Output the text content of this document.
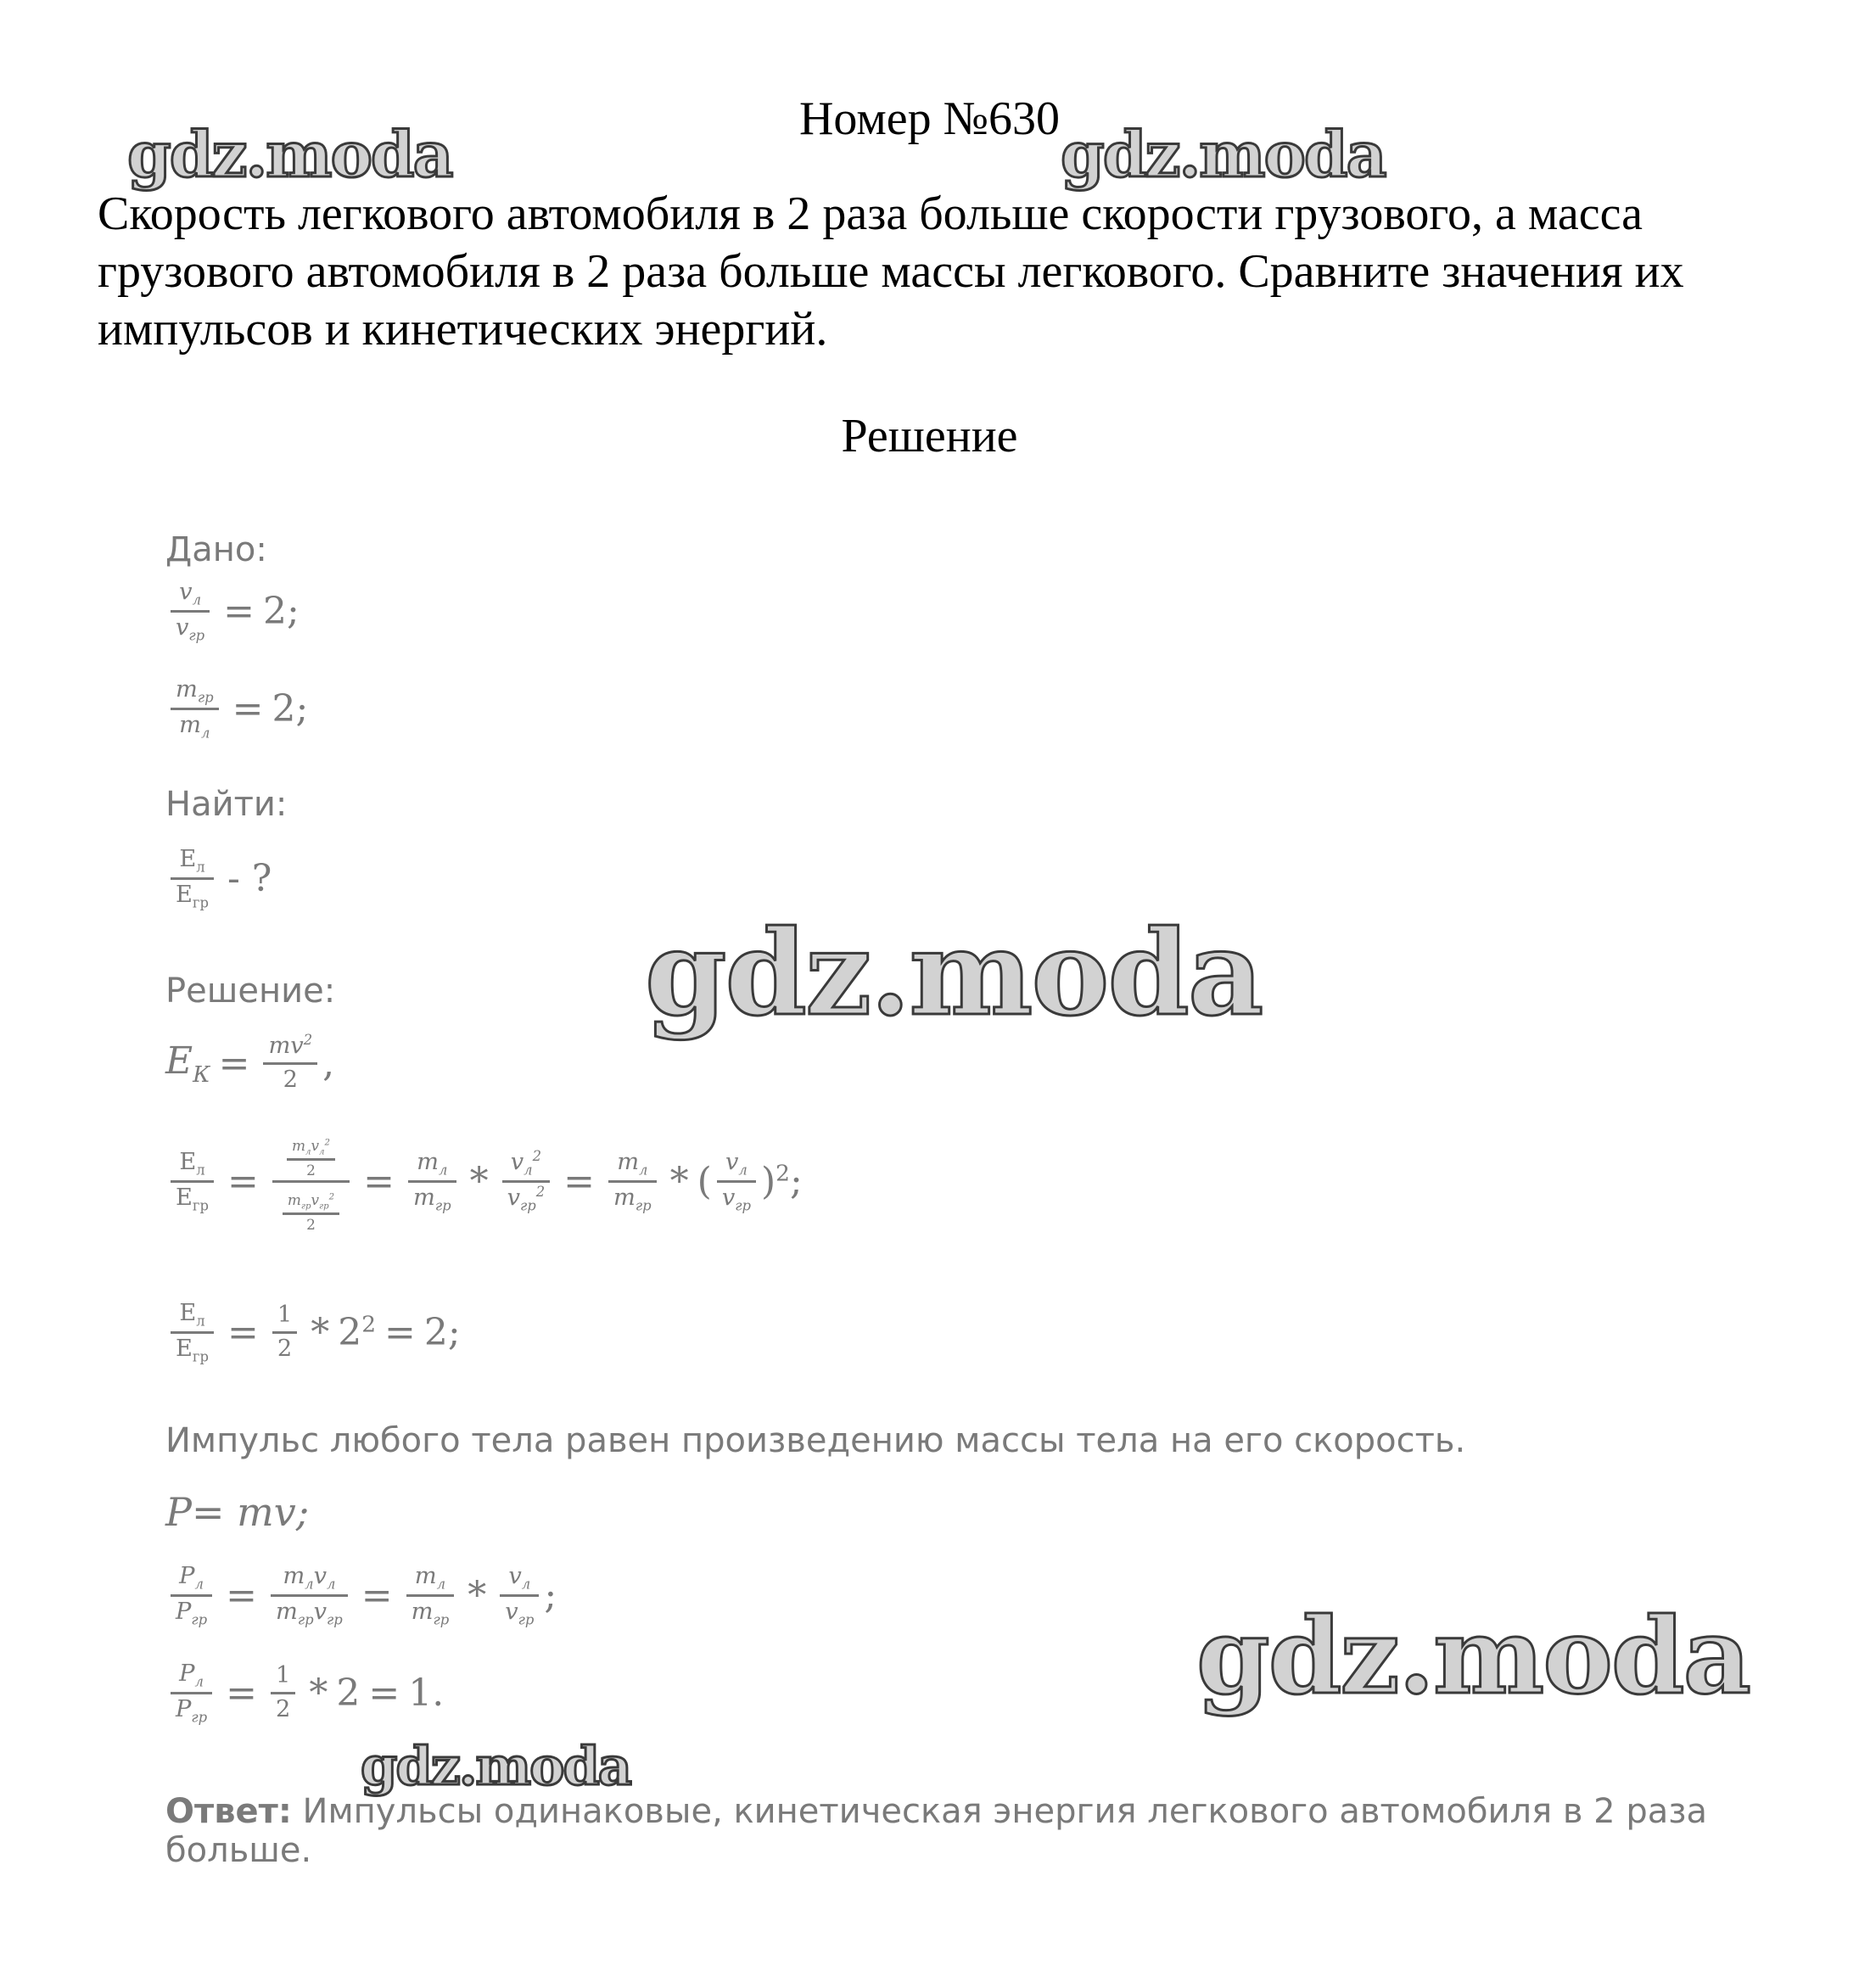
Номер №630
Скорость легкового автомобиля в 2 раза больше скорости грузового, а масса грузового автомобиля в 2 раза больше массы легкового. Сравните значения их импульсов и кинетических энергий.
Решение
gdz.moda	gdz.moda
gdz.moda
gdz.moda
gdz.moda
Дано:
$\frac{v_л}{v_{гр}} = 2$;
$\frac{m_{гр}}{m_л} = 2$;
Найти:
$\frac{E_л}{E_{гр}}$ - ?
Решение:
$E_К = \frac{mv^2}{2}$ ,
$\frac{E_л}{E_{гр}} = \frac{\frac{m_лv_л^2}{2}}{\frac{m_{гр}v_{гр}^2}{2}} = \frac{m_л}{m_{гр}} * \frac{v_л^2}{v_{гр}^2} = \frac{m_л}{m_{гр}}$ * ( $\frac{v_л}{v_{гр}} )^2$;
$\frac{E_л}{E_{гр}} = \frac{1}{2} * 2^2 = 2$;
Импульс любого тела равен произведению массы тела на его скорость.
P= mv;
$\frac{P_л}{P_{гр}} = \frac{m_лv_л}{m_{гр}v_{гр}} = \frac{m_л}{m_{гр}} * \frac{v_л}{v_{гр}}$ ;
$\frac{P_л}{P_{гр}} = \frac{1}{2} * 2 = 1$.
Ответ: Импульсы одинаковые, кинетическая энергия легкового автомобиля в 2 раза больше.
